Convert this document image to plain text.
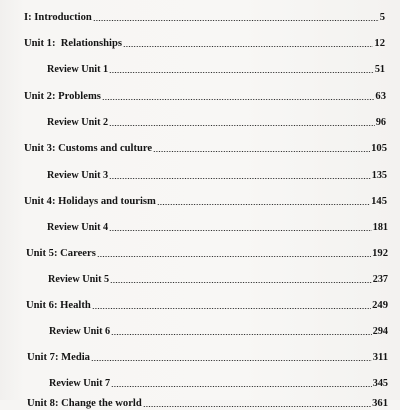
I: Introduction	5
Unit 1:  Relationships	12
Review Unit 1	51
Unit 2: Problems	63
Review Unit 2	96
Unit 3: Customs and culture	105
Review Unit 3	135
Unit 4: Holidays and tourism	145
Review Unit 4	181
Unit 5: Careers	192
Review Unit 5	237
Unit 6: Health	249
Review Unit 6	294
Unit 7: Media	311
Review Unit 7	345
Unit 8: Change the world	361
